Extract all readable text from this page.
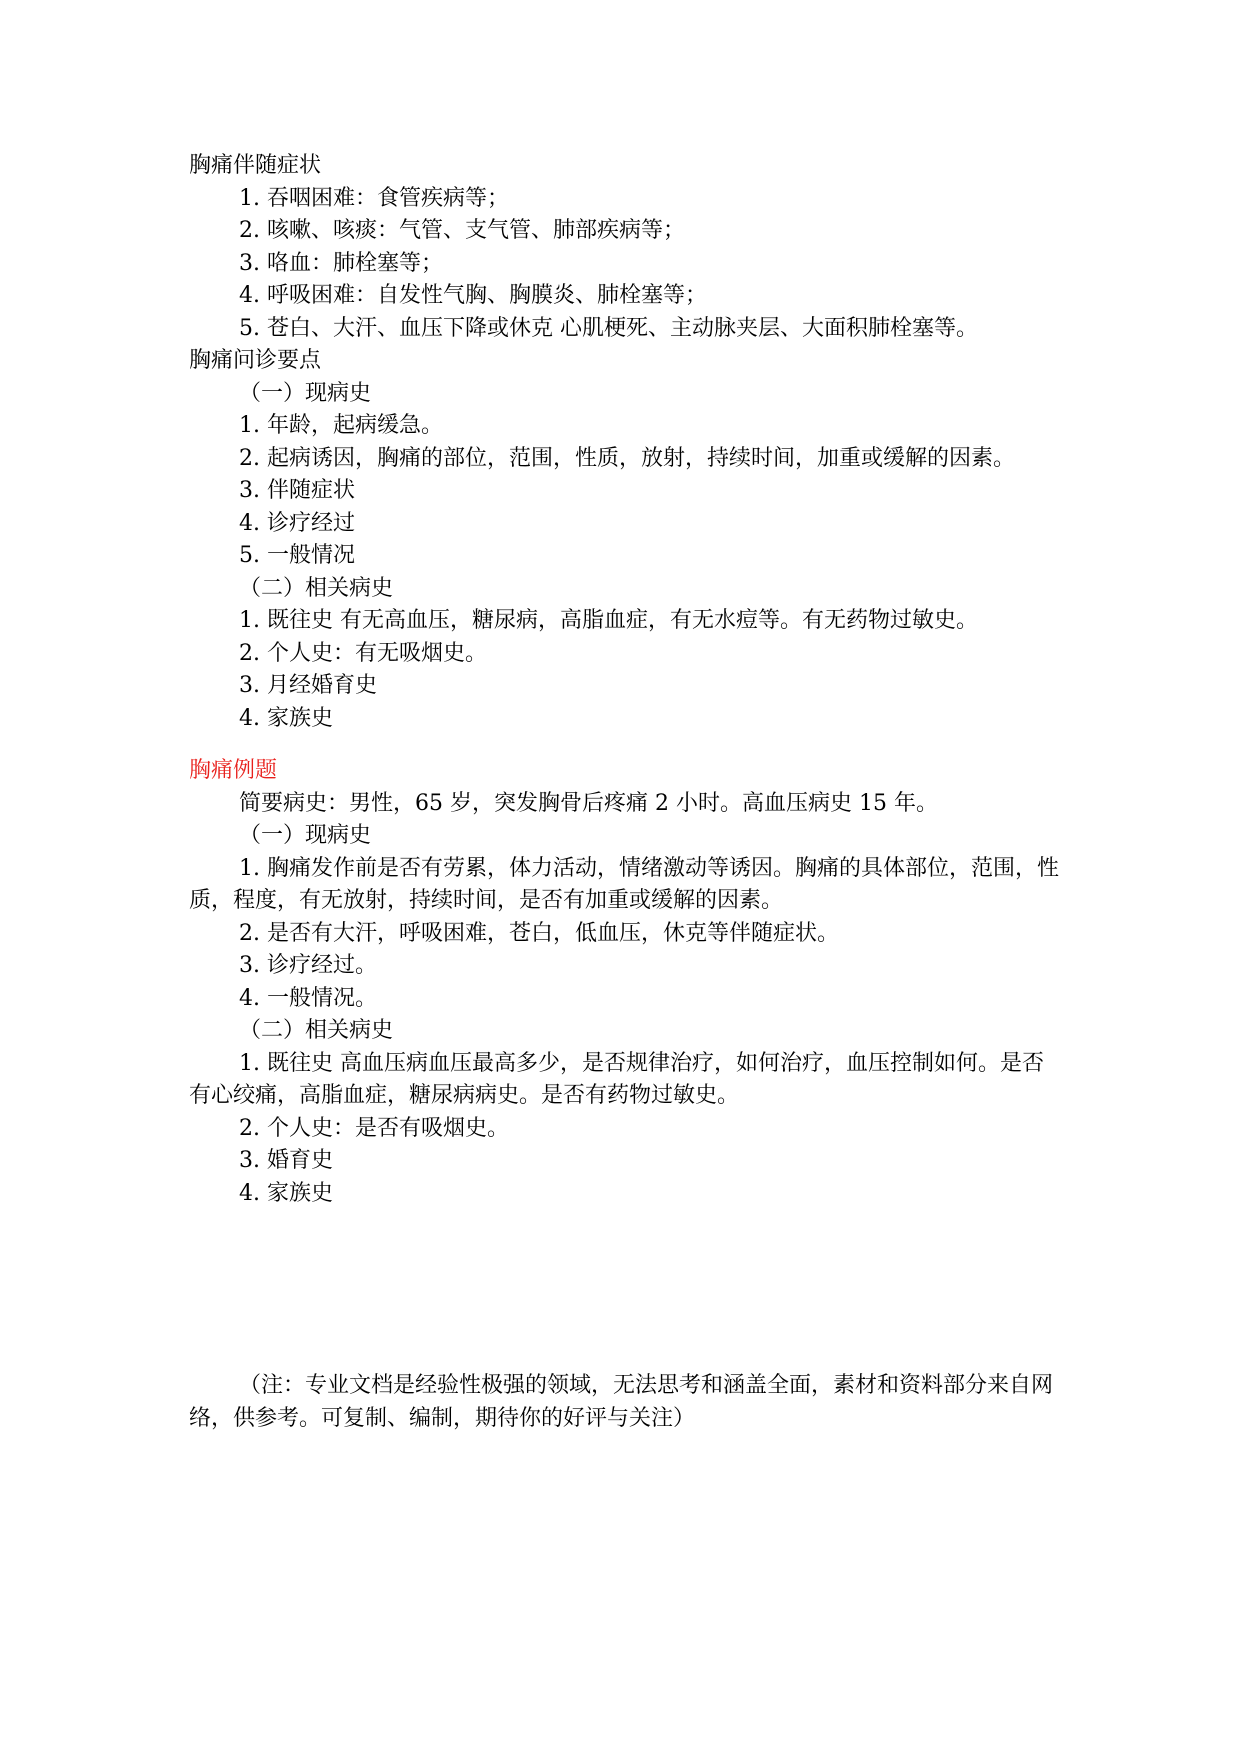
胸痛伴随症状

1. 吞咽困难：食管疾病等；

2. 咳嗽、咳痰：气管、支气管、肺部疾病等；

3. 咯血：肺栓塞等；

4. 呼吸困难：自发性气胸、胸膜炎、肺栓塞等；

5. 苍白、大汗、血压下降或休克 心肌梗死、主动脉夹层、大面积肺栓塞等。

胸痛问诊要点

（一）现病史

1. 年龄，起病缓急。

2. 起病诱因，胸痛的部位，范围，性质，放射，持续时间，加重或缓解的因素。

3. 伴随症状

4. 诊疗经过

5. 一般情况

（二）相关病史

1. 既往史 有无高血压，糖尿病，高脂血症，有无水痘等。有无药物过敏史。

2. 个人史：有无吸烟史。

3. 月经婚育史

4. 家族史

胸痛例题

简要病史：男性，65 岁，突发胸骨后疼痛 2 小时。高血压病史 15 年。

（一）现病史

1. 胸痛发作前是否有劳累，体力活动，情绪激动等诱因。胸痛的具体部位，范围，性质，程度，有无放射，持续时间，是否有加重或缓解的因素。

2. 是否有大汗，呼吸困难，苍白，低血压，休克等伴随症状。

3. 诊疗经过。

4. 一般情况。

（二）相关病史

1. 既往史 高血压病血压最高多少，是否规律治疗，如何治疗，血压控制如何。是否有心绞痛，高脂血症，糖尿病病史。是否有药物过敏史。

2. 个人史：是否有吸烟史。

3. 婚育史

4. 家族史

（注：专业文档是经验性极强的领域，无法思考和涵盖全面，素材和资料部分来自网络，供参考。可复制、编制，期待你的好评与关注）
